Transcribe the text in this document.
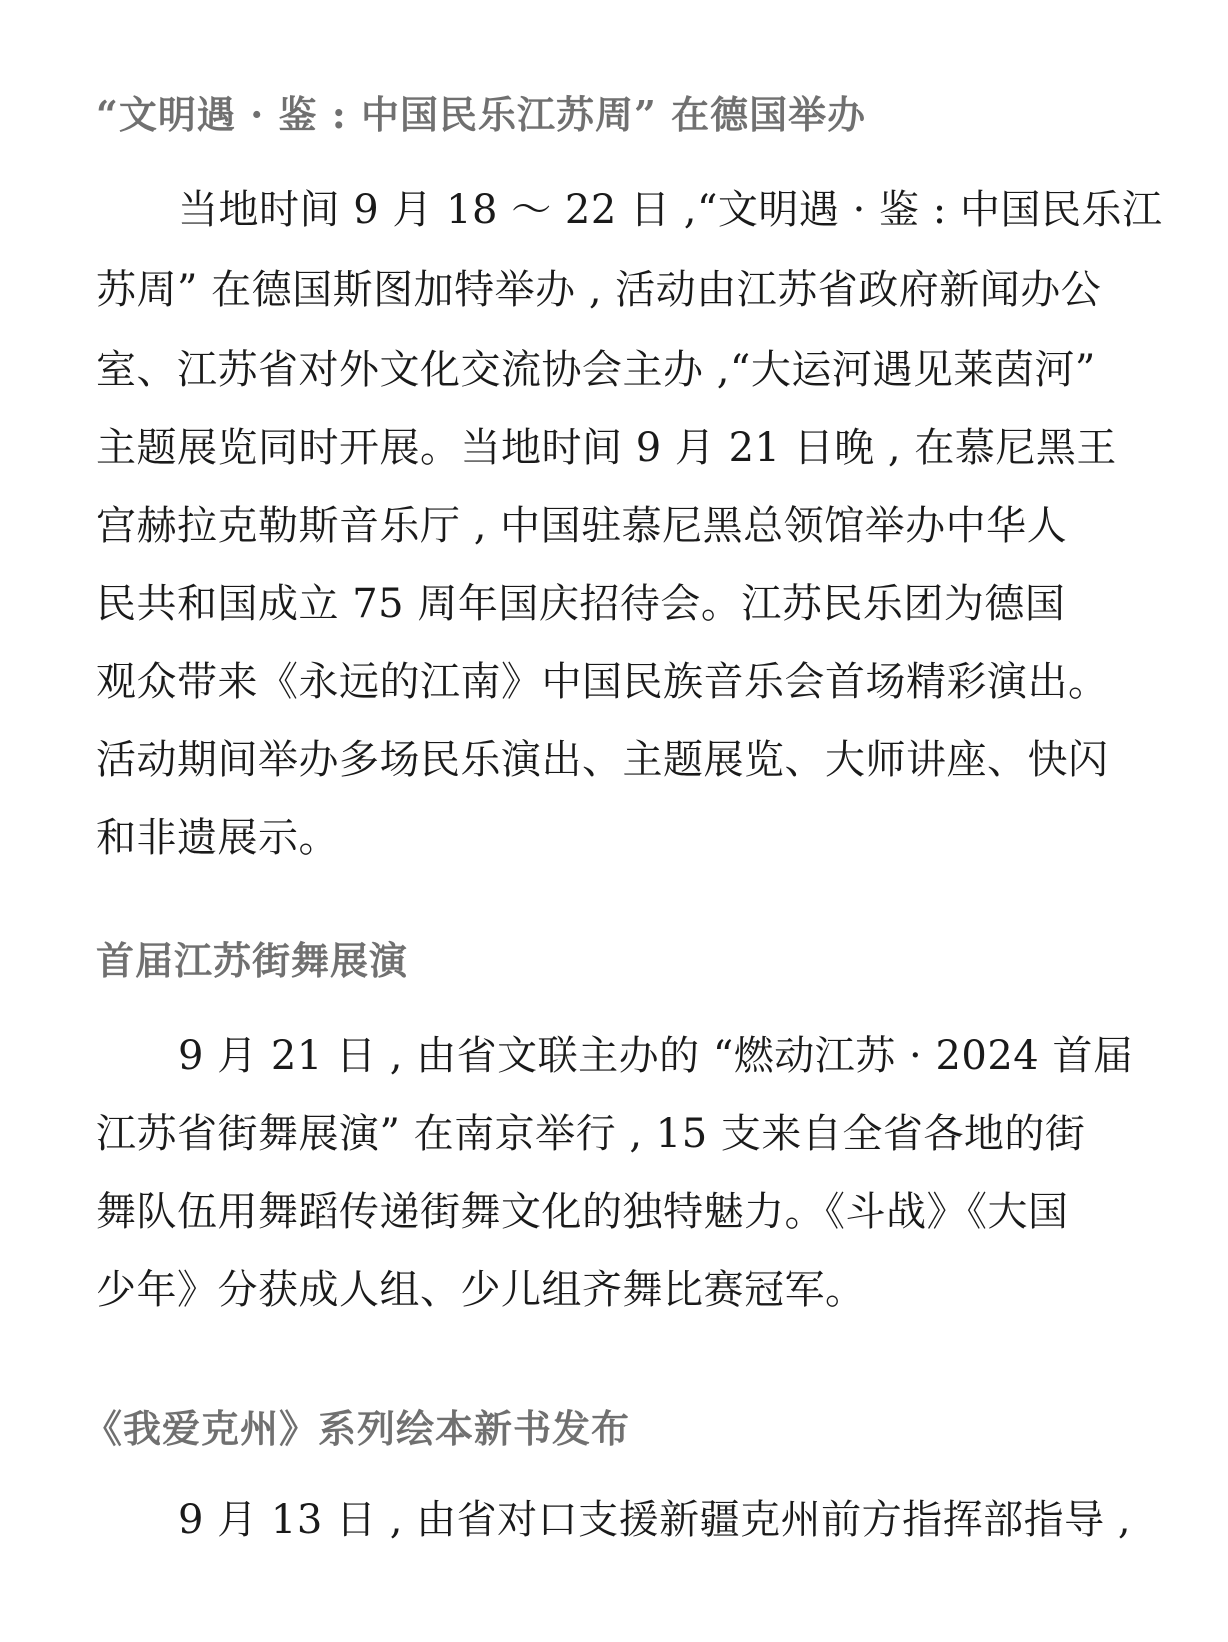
“文明遇 · 鉴 : 中国民乐江苏周” 在德国举办

当地时间 9 月 18 ～ 22 日 ,“文明遇 · 鉴 : 中国民乐江

苏周” 在德国斯图加特举办 , 活动由江苏省政府新闻办公

室、江苏省对外文化交流协会主办 ,“大运河遇见莱茵河”

主题展览同时开展。当地时间 9 月 21 日晚 , 在慕尼黑王

宫赫拉克勒斯音乐厅 , 中国驻慕尼黑总领馆举办中华人

民共和国成立 75 周年国庆招待会。江苏民乐团为德国

观众带来《永远的江南》中国民族音乐会首场精彩演出。

活动期间举办多场民乐演出、主题展览、大师讲座、快闪

和非遗展示。

首届江苏街舞展演

9 月 21 日 , 由省文联主办的 “燃动江苏 · 2024 首届

江苏省街舞展演” 在南京举行 , 15 支来自全省各地的街

舞队伍用舞蹈传递街舞文化的独特魅力。《斗战》《大国

少年》分获成人组、少儿组齐舞比赛冠军。

《我爱克州》系列绘本新书发布

9 月 13 日 , 由省对口支援新疆克州前方指挥部指导 ,
